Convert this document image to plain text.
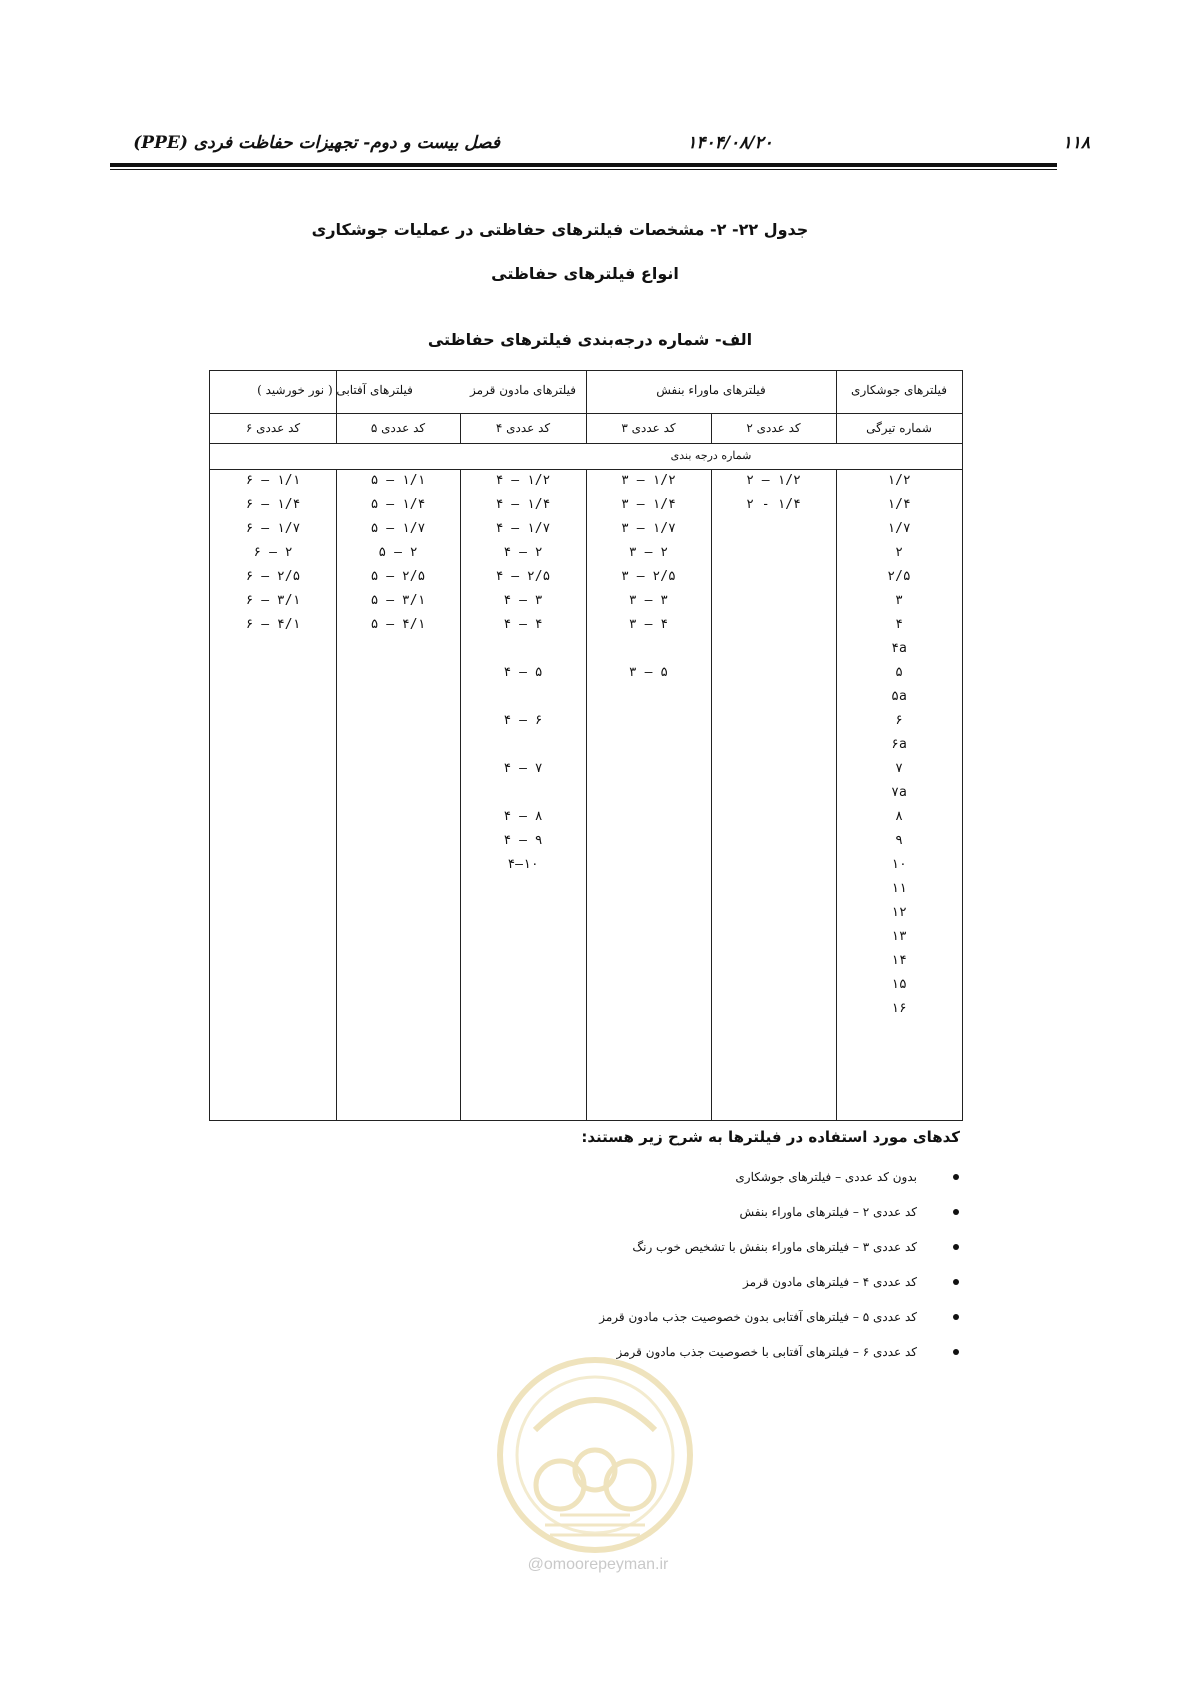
۱۱۸
۱۴۰۴/۰۸/۲۰
فصل بیست و دوم- تجهیزات حفاظت فردی (PPE)
جدول ۲۲- ۲- مشخصات فیلترهای حفاظتی در عملیات جوشکاری
انواع فیلترهای حفاظتی
الف- شماره درجه‌بندی فیلترهای حفاظتی
فیلترهای جوشکاری
فیلترهای ماوراء بنفش
فیلترهای مادون قرمز
فیلترهای آفتابی ( نور خورشید )
شماره تیرگی
کد عددی ۲
کد عددی ۳
کد عددی ۴
کد عددی ۵
کد عددی ۶
شماره درجه بندی
۱/۲
۱/۴
۱/۷
۲
۲/۵
۳
۴
۴a
۵
۵a
۶
۶a
۷
۷a
۸
۹
۱۰
۱۱
۱۲
۱۳
۱۴
۱۵
۱۶
۲ – ۱/۲
۲ - ۱/۴
۳ – ۱/۲
۳ – ۱/۴
۳ – ۱/۷
۳ – ۲
۳ – ۲/۵
۳ – ۳
۳ – ۴
۳ – ۵
۴ – ۱/۲
۴ – ۱/۴
۴ – ۱/۷
۴ – ۲
۴ – ۲/۵
۴ – ۳
۴ – ۴
۴ – ۵
۴ – ۶
۴ – ۷
۴ – ۸
۴ – ۹
۴–۱۰
۵ – ۱/۱
۵ – ۱/۴
۵ – ۱/۷
۵ – ۲
۵ – ۲/۵
۵ – ۳/۱
۵ – ۴/۱
۶ – ۱/۱
۶ – ۱/۴
۶ – ۱/۷
۶ – ۲
۶ – ۲/۵
۶ – ۳/۱
۶ – ۴/۱
کدهای مورد استفاده در فیلترها به شرح زیر هستند:
بدون کد عددی – فیلترهای جوشکاری
کد عددی ۲ – فیلترهای ماوراء بنفش
کد عددی ۳ – فیلترهای ماوراء بنفش با تشخیص خوب رنگ
کد عددی ۴ – فیلترهای مادون قرمز
کد عددی ۵ – فیلترهای آفتابی بدون خصوصیت جذب مادون قرمز
کد عددی ۶ – فیلترهای آفتابی با خصوصیت جذب مادون قرمز
@omoorepeyman.ir
